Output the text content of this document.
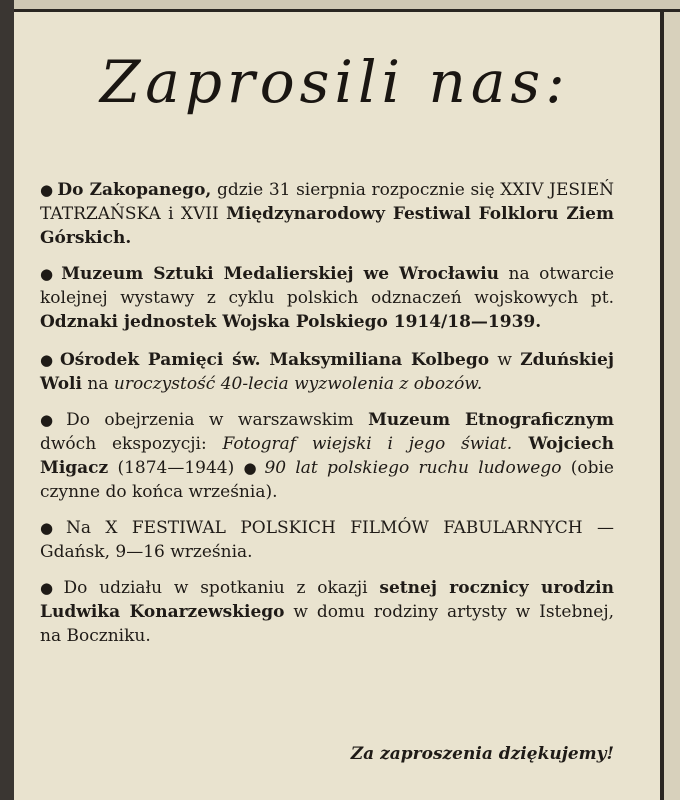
Zaprosili nas:
● Do Zakopanego, gdzie 31 sierpnia rozpocznie się XXIV JESIEŃ TATRZAŃSKA i XVII Międzynarodowy Festiwal Folkloru Ziem Górskich.
● Muzeum Sztuki Medalierskiej we Wrocławiu na otwarcie kolejnej wystawy z cyklu polskich odznaczeń wojskowych pt. Odznaki jednostek Wojska Polskiego 1914/18—1939.
● Ośrodek Pamięci św. Maksymiliana Kolbego w Zduńskiej Woli na uroczystość 40-lecia wyzwolenia z obozów.
● Do obejrzenia w warszawskim Muzeum Etnograficznym dwóch ekspozycji: Fotograf wiejski i jego świat. Wojciech Migacz (1874—1944) ● 90 lat polskiego ruchu ludowego (obie czynne do końca września).
● Na X FESTIWAL POLSKICH FILMÓW FABULARNYCH — Gdańsk, 9—16 września.
● Do udziału w spotkaniu z okazji setnej rocznicy urodzin Ludwika Konarzewskiego w domu rodziny artysty w Istebnej, na Boczniku.
Za zaproszenia dziękujemy!
